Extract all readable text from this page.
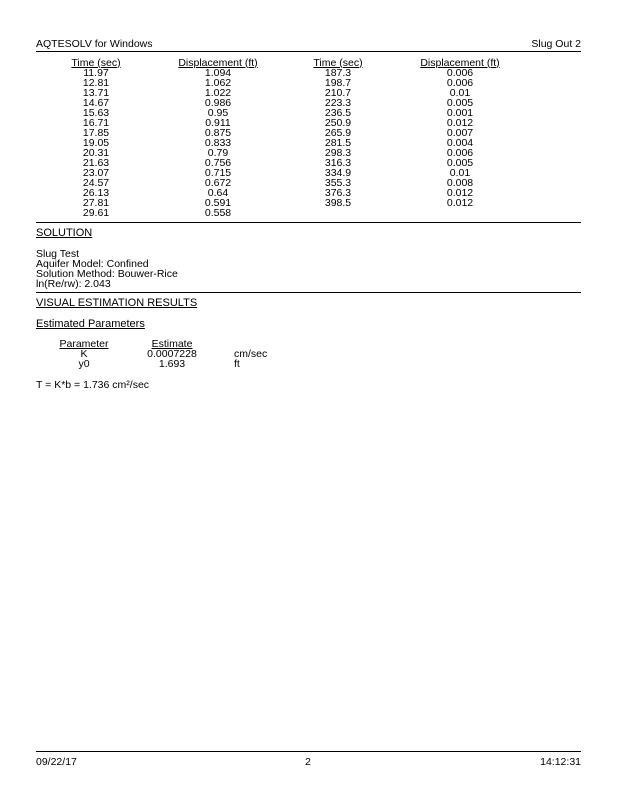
AQTESOLV for Windows	Slug Out 2
Time (sec)	Displacement (ft)	Time (sec)	Displacement (ft)
11.97	1.094	187.3	0.006
12.81	1.062	198.7	0.006
13.71	1.022	210.7	0.01
14.67	0.986	223.3	0.005
15.63	0.95	236.5	0.001
16.71	0.911	250.9	0.012
17.85	0.875	265.9	0.007
19.05	0.833	281.5	0.004
20.31	0.79	298.3	0.006
21.63	0.756	316.3	0.005
23.07	0.715	334.9	0.01
24.57	0.672	355.3	0.008
26.13	0.64	376.3	0.012
27.81	0.591	398.5	0.012
29.61	0.558		
SOLUTION
Slug Test
Aquifer Model: Confined
Solution Method: Bouwer-Rice
ln(Re/rw): 2.043
VISUAL ESTIMATION RESULTS
Estimated Parameters
Parameter	Estimate	
K	0.0007228	cm/sec
y0	1.693	ft
T = K*b = 1.736 cm²/sec
09/22/17	2	14:12:31
